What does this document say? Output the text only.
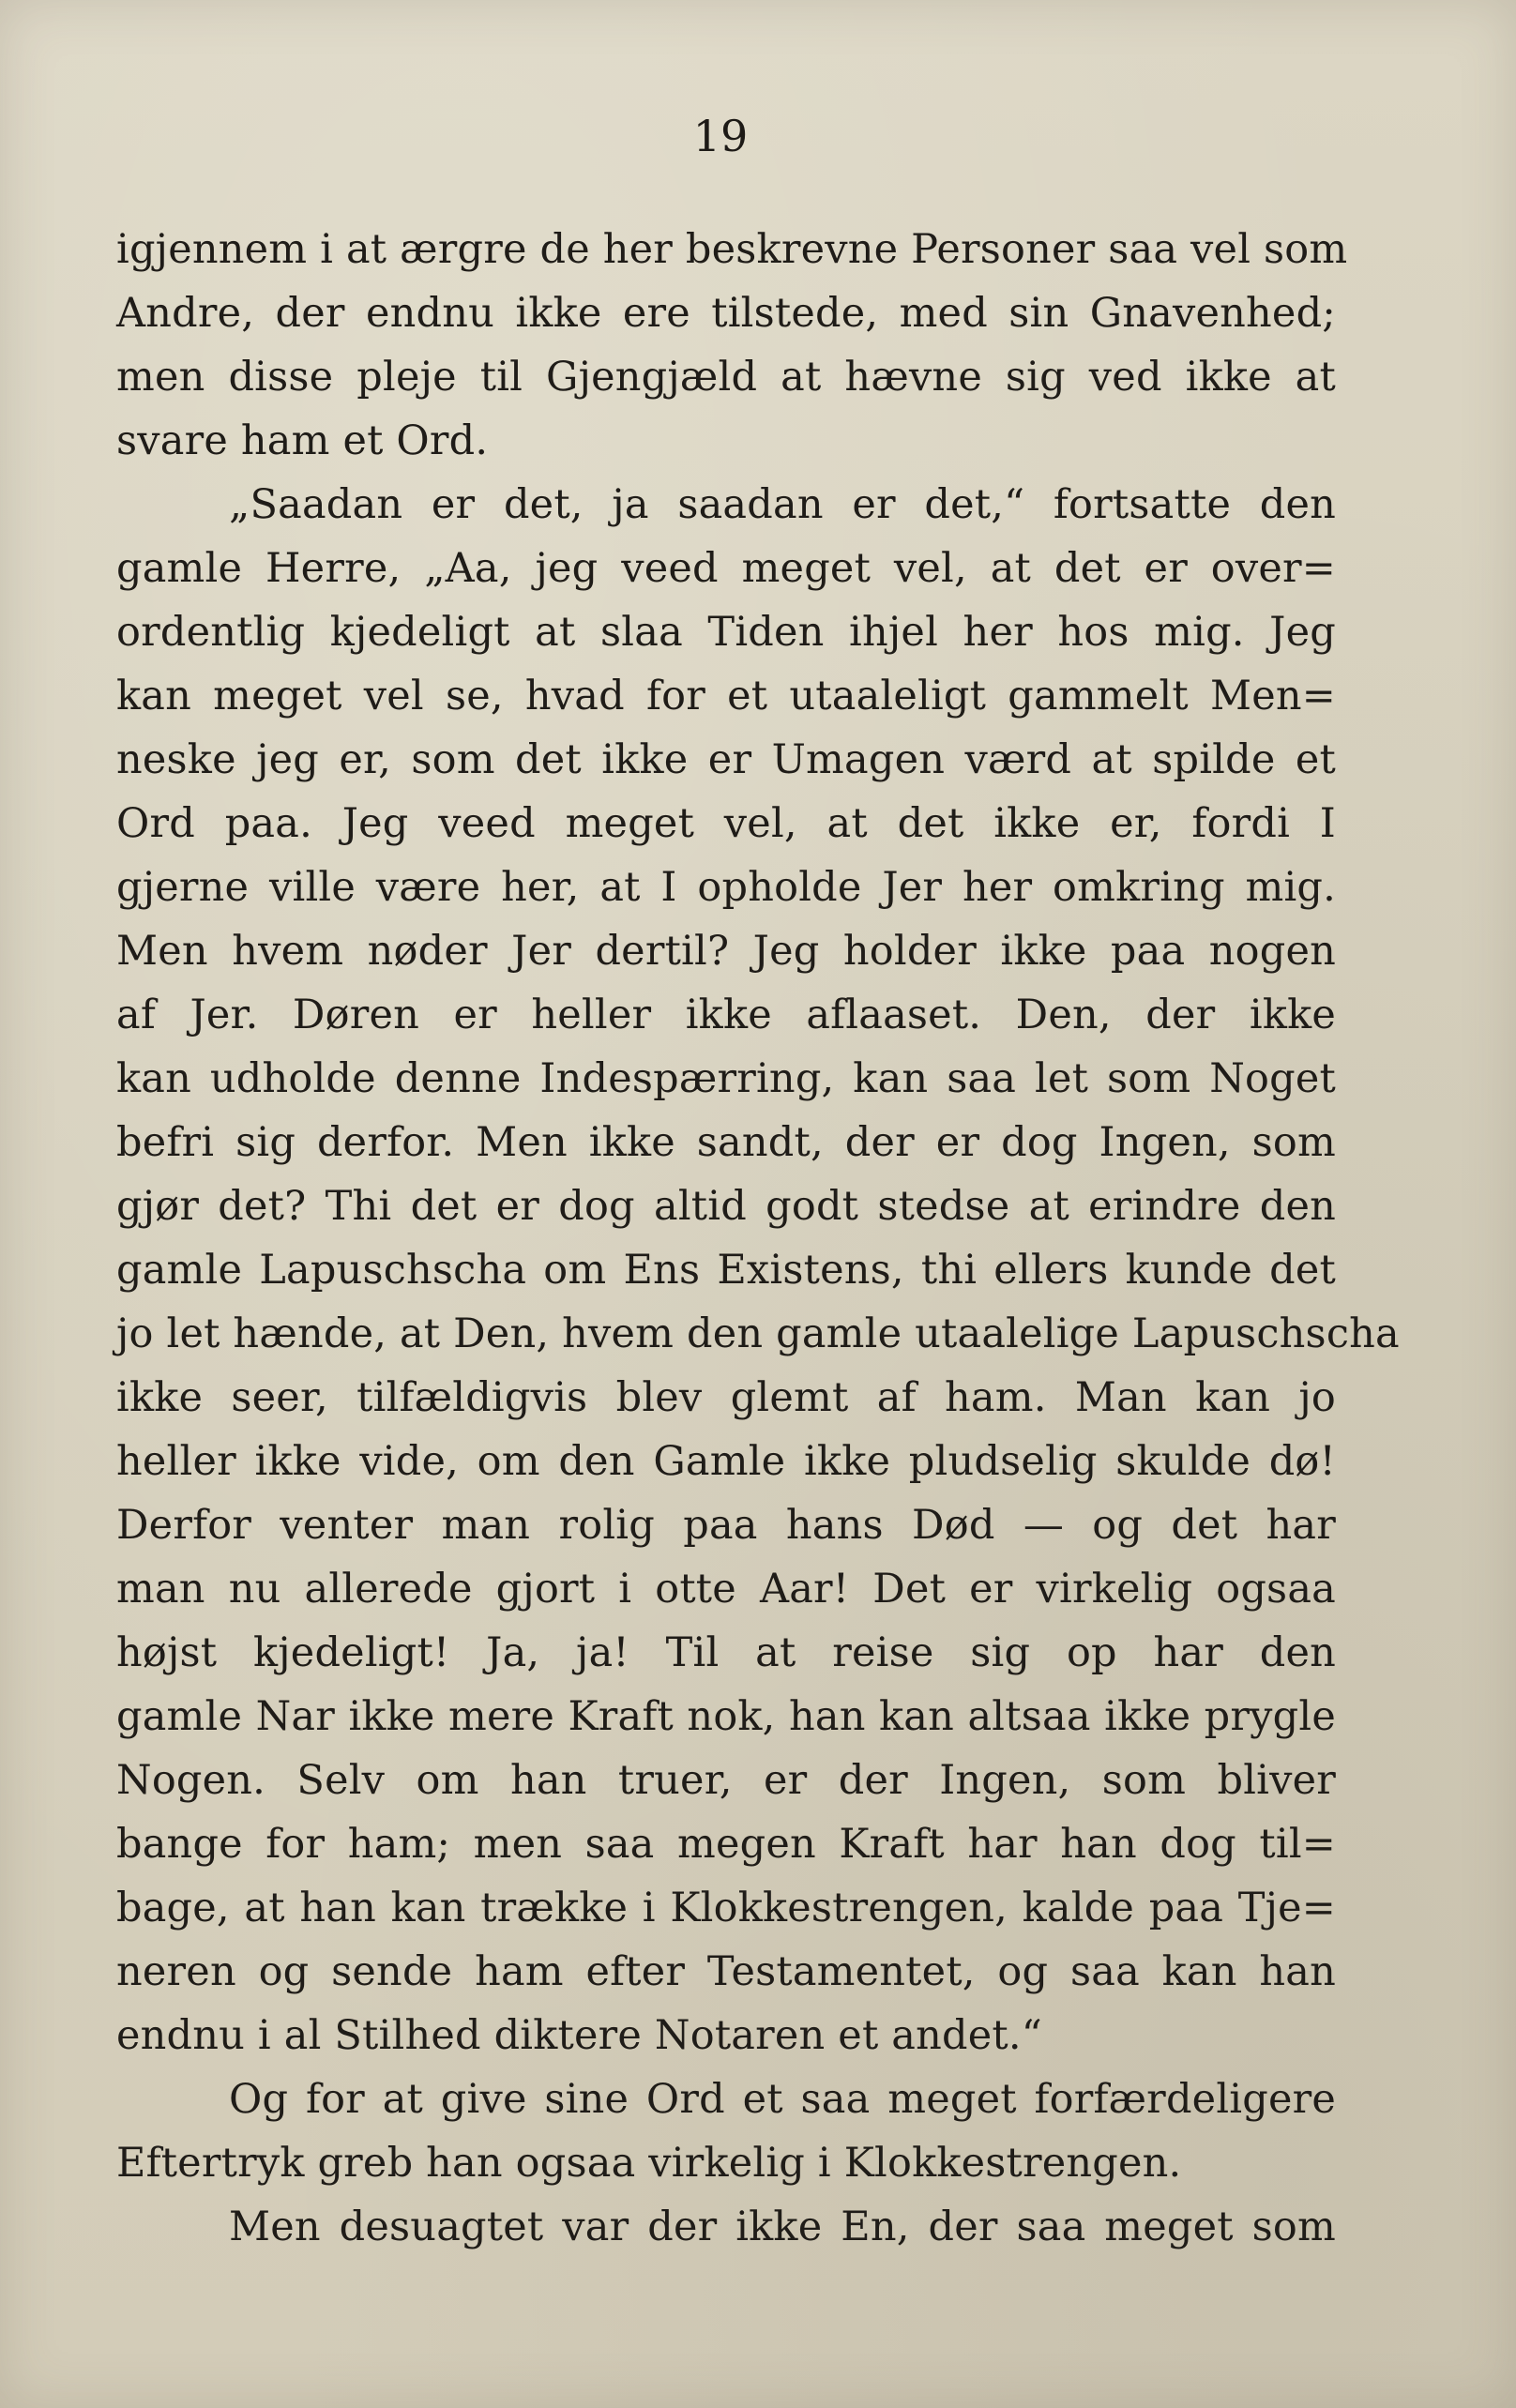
19
igjennem i at ærgre de her beskrevne Personer saa vel som
Andre, der endnu ikke ere tilstede, med sin Gnavenhed;
men disse pleje til Gjengjæld at hævne sig ved ikke at
svare ham et Ord.
„Saadan er det, ja saadan er det,“ fortsatte den
gamle Herre, „Aa, jeg veed meget vel, at det er over=
ordentlig kjedeligt at slaa Tiden ihjel her hos mig. Jeg
kan meget vel se, hvad for et utaaleligt gammelt Men=
neske jeg er, som det ikke er Umagen værd at spilde et
Ord paa. Jeg veed meget vel, at det ikke er, fordi I
gjerne ville være her, at I opholde Jer her omkring mig.
Men hvem nøder Jer dertil? Jeg holder ikke paa nogen
af Jer. Døren er heller ikke aflaaset. Den, der ikke
kan udholde denne Indespærring, kan saa let som Noget
befri sig derfor. Men ikke sandt, der er dog Ingen, som
gjør det? Thi det er dog altid godt stedse at erindre den
gamle Lapuschscha om Ens Existens, thi ellers kunde det
jo let hænde, at Den, hvem den gamle utaalelige Lapuschscha
ikke seer, tilfældigvis blev glemt af ham. Man kan jo
heller ikke vide, om den Gamle ikke pludselig skulde dø!
Derfor venter man rolig paa hans Død — og det har
man nu allerede gjort i otte Aar! Det er virkelig ogsaa
højst kjedeligt! Ja, ja! Til at reise sig op har den
gamle Nar ikke mere Kraft nok, han kan altsaa ikke prygle
Nogen. Selv om han truer, er der Ingen, som bliver
bange for ham; men saa megen Kraft har han dog til=
bage, at han kan trække i Klokkestrengen, kalde paa Tje=
neren og sende ham efter Testamentet, og saa kan han
endnu i al Stilhed diktere Notaren et andet.“
Og for at give sine Ord et saa meget forfærdeligere
Eftertryk greb han ogsaa virkelig i Klokkestrengen.
Men desuagtet var der ikke En, der saa meget som
